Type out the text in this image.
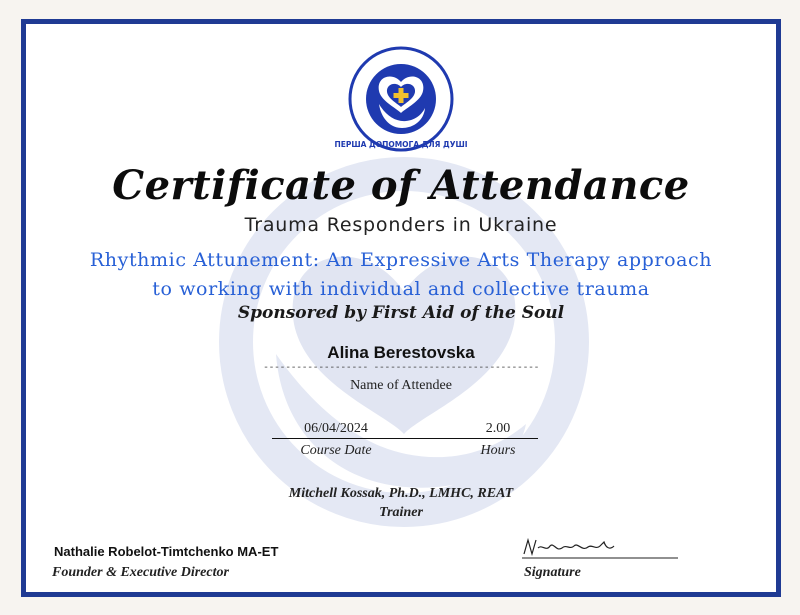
ПЕРША ДОПОМОГА ДЛЯ ДУШІ
Certificate of Attendance
Trauma Responders in Ukraine
Rhythmic Attunement: An Expressive Arts Therapy approach
to working with individual and collective trauma
Sponsored by First Aid of the Soul
Alina Berestovska
------------------- ------------------------------
Name of Attendee
06/04/2024	2.00
Course Date	Hours
Mitchell Kossak, Ph.D., LMHC, REAT
Trainer
Nathalie Robelot-Timtchenko MA-ET
Founder & Executive Director	Signature
